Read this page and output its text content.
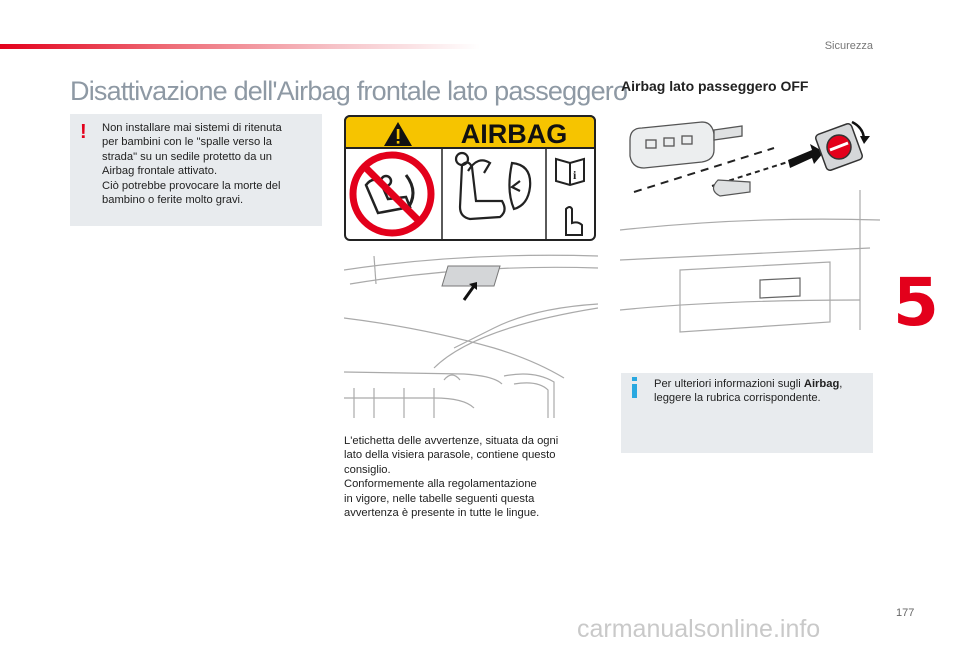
Sicurezza
5
Disattivazione dell'Airbag frontale lato passeggero
Airbag lato passeggero OFF
! Non installare mai sistemi di ritenuta
per bambini con le "spalle verso la
strada" su un sedile protetto da un
Airbag frontale attivato.
Ciò potrebbe provocare la morte del
bambino o ferite molto gravi.
AIRBAG
i
L'etichetta delle avvertenze, situata da ogni
lato della visiera parasole, contiene questo
consiglio.
Conformemente alla regolamentazione
in vigore, nelle tabelle seguenti questa
avvertenza è presente in tutte le lingue.
Per ulteriori informazioni sugli Airbag,
leggere la rubrica corrispondente.
177
carmanualsonline.info
